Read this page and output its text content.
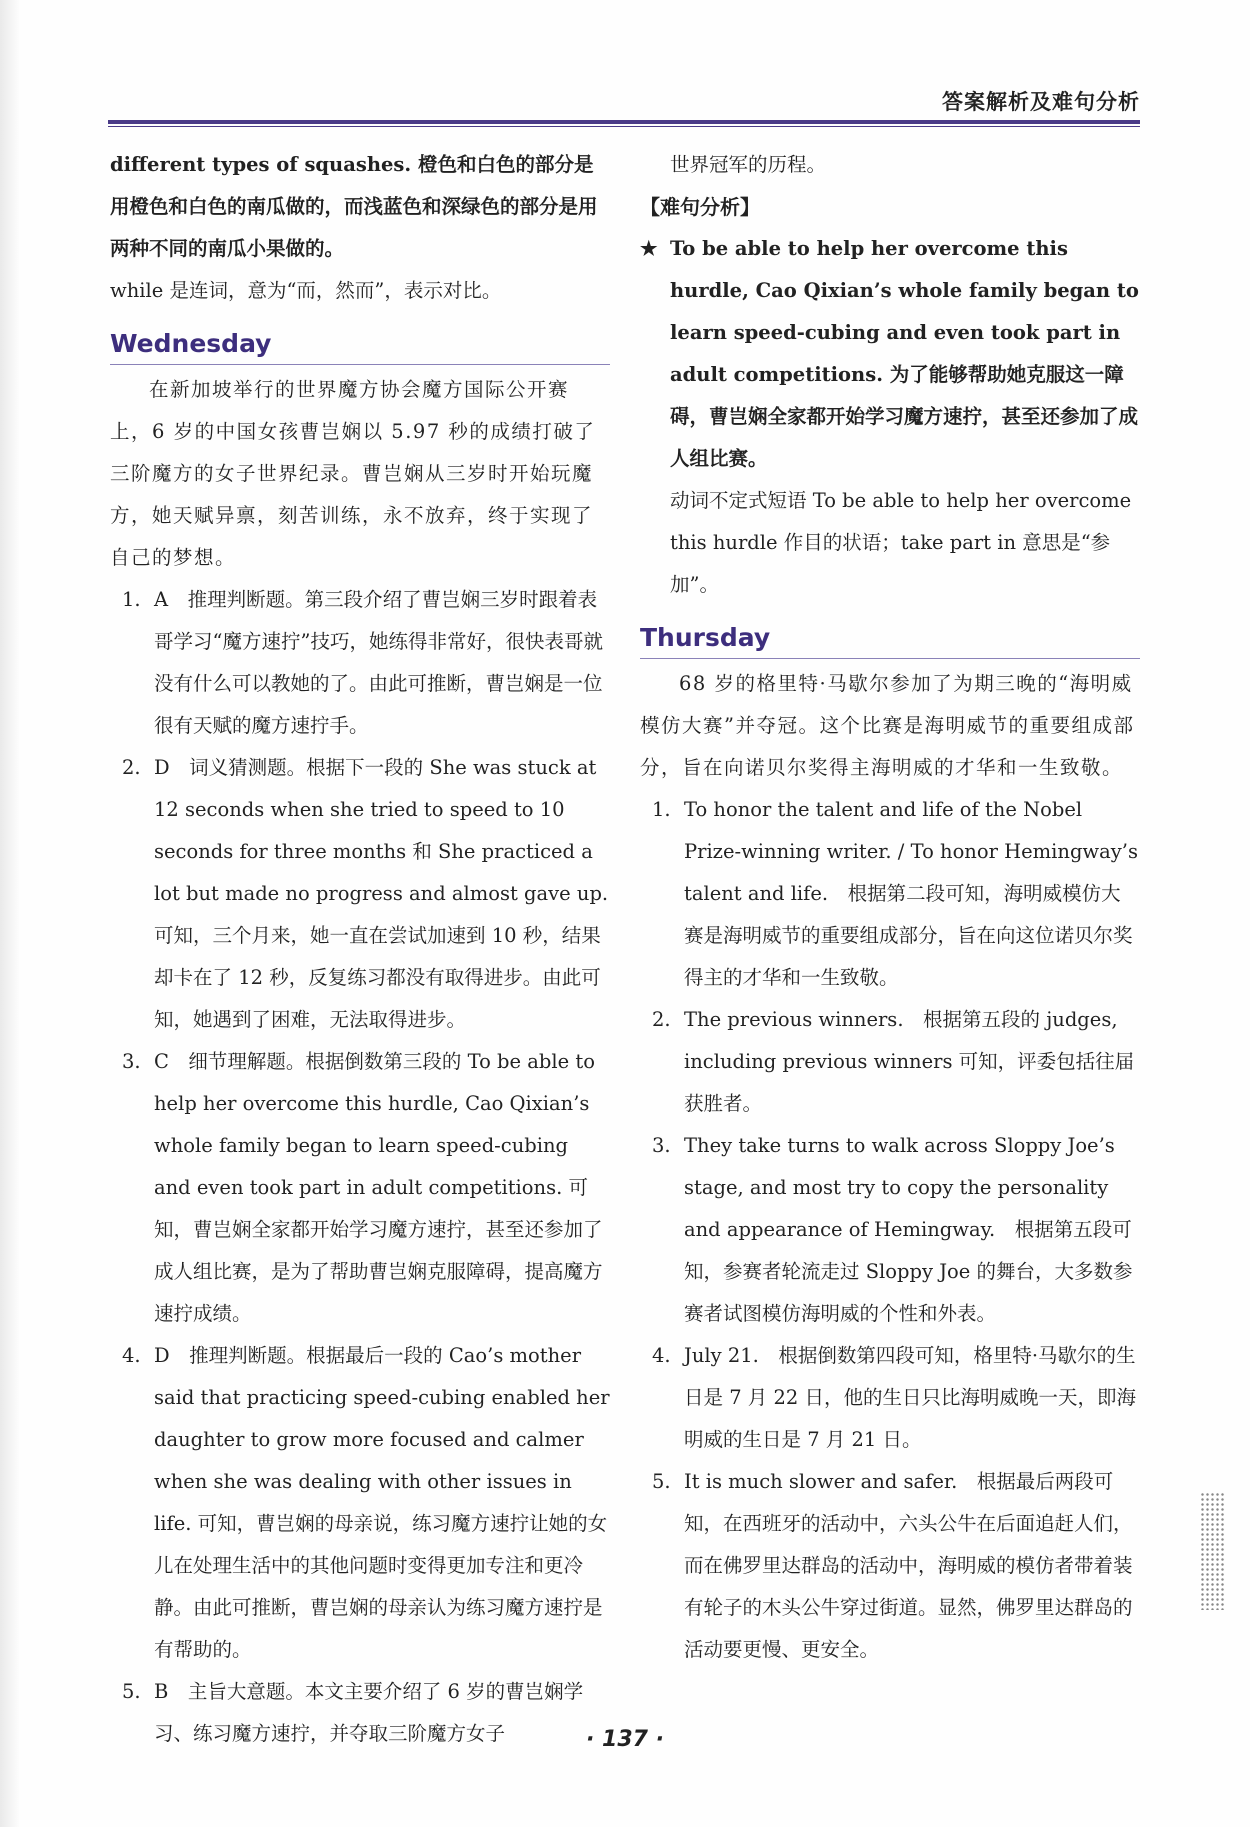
答案解析及难句分析

different types of squashes. 橙色和白色的部分是用橙色和白色的南瓜做的，而浅蓝色和深绿色的部分是用两种不同的南瓜小果做的。

while 是连词，意为“而，然而”，表示对比。

Wednesday

在新加坡举行的世界魔方协会魔方国际公开赛上，6 岁的中国女孩曹岂娴以 5.97 秒的成绩打破了三阶魔方的女子世界纪录。曹岂娴从三岁时开始玩魔方，她天赋异禀，刻苦训练，永不放弃，终于实现了自己的梦想。

1. A　推理判断题。第三段介绍了曹岂娴三岁时跟着表哥学习“魔方速拧”技巧，她练得非常好，很快表哥就没有什么可以教她的了。由此可推断，曹岂娴是一位很有天赋的魔方速拧手。
2. D　词义猜测题。根据下一段的 She was stuck at 12 seconds when she tried to speed to 10 seconds for three months 和 She practiced a lot but made no progress and almost gave up. 可知，三个月来，她一直在尝试加速到 10 秒，结果却卡在了 12 秒，反复练习都没有取得进步。由此可知，她遇到了困难，无法取得进步。
3. C　细节理解题。根据倒数第三段的 To be able to help her overcome this hurdle, Cao Qixian’s whole family began to learn speed-cubing and even took part in adult competitions. 可知，曹岂娴全家都开始学习魔方速拧，甚至还参加了成人组比赛，是为了帮助曹岂娴克服障碍，提高魔方速拧成绩。
4. D　推理判断题。根据最后一段的 Cao’s mother said that practicing speed-cubing enabled her daughter to grow more focused and calmer when she was dealing with other issues in life. 可知，曹岂娴的母亲说，练习魔方速拧让她的女儿在处理生活中的其他问题时变得更加专注和更冷静。由此可推断，曹岂娴的母亲认为练习魔方速拧是有帮助的。
5. B　主旨大意题。本文主要介绍了 6 岁的曹岂娴学习、练习魔方速拧，并夺取三阶魔方女子

世界冠军的历程。

【难句分析】
★ To be able to help her overcome this hurdle, Cao Qixian’s whole family began to learn speed-cubing and even took part in adult competitions. 为了能够帮助她克服这一障碍，曹岂娴全家都开始学习魔方速拧，甚至还参加了成人组比赛。

动词不定式短语 To be able to help her overcome this hurdle 作目的状语；take part in 意思是“参加”。

Thursday

68 岁的格里特·马歇尔参加了为期三晚的“海明威模仿大赛”并夺冠。这个比赛是海明威节的重要组成部分，旨在向诺贝尔奖得主海明威的才华和一生致敬。

1. To honor the talent and life of the Nobel Prize-winning writer. / To honor Hemingway’s talent and life.　根据第二段可知，海明威模仿大赛是海明威节的重要组成部分，旨在向这位诺贝尔奖得主的才华和一生致敬。
2. The previous winners.　根据第五段的 judges, including previous winners 可知，评委包括往届获胜者。
3. They take turns to walk across Sloppy Joe’s stage, and most try to copy the personality and appearance of Hemingway.　根据第五段可知，参赛者轮流走过 Sloppy Joe 的舞台，大多数参赛者试图模仿海明威的个性和外表。
4. July 21.　根据倒数第四段可知，格里特·马歇尔的生日是 7 月 22 日，他的生日只比海明威晚一天，即海明威的生日是 7 月 21 日。
5. It is much slower and safer.　根据最后两段可知，在西班牙的活动中，六头公牛在后面追赶人们，而在佛罗里达群岛的活动中，海明威的模仿者带着装有轮子的木头公牛穿过街道。显然，佛罗里达群岛的活动要更慢、更安全。
· 137 ·
